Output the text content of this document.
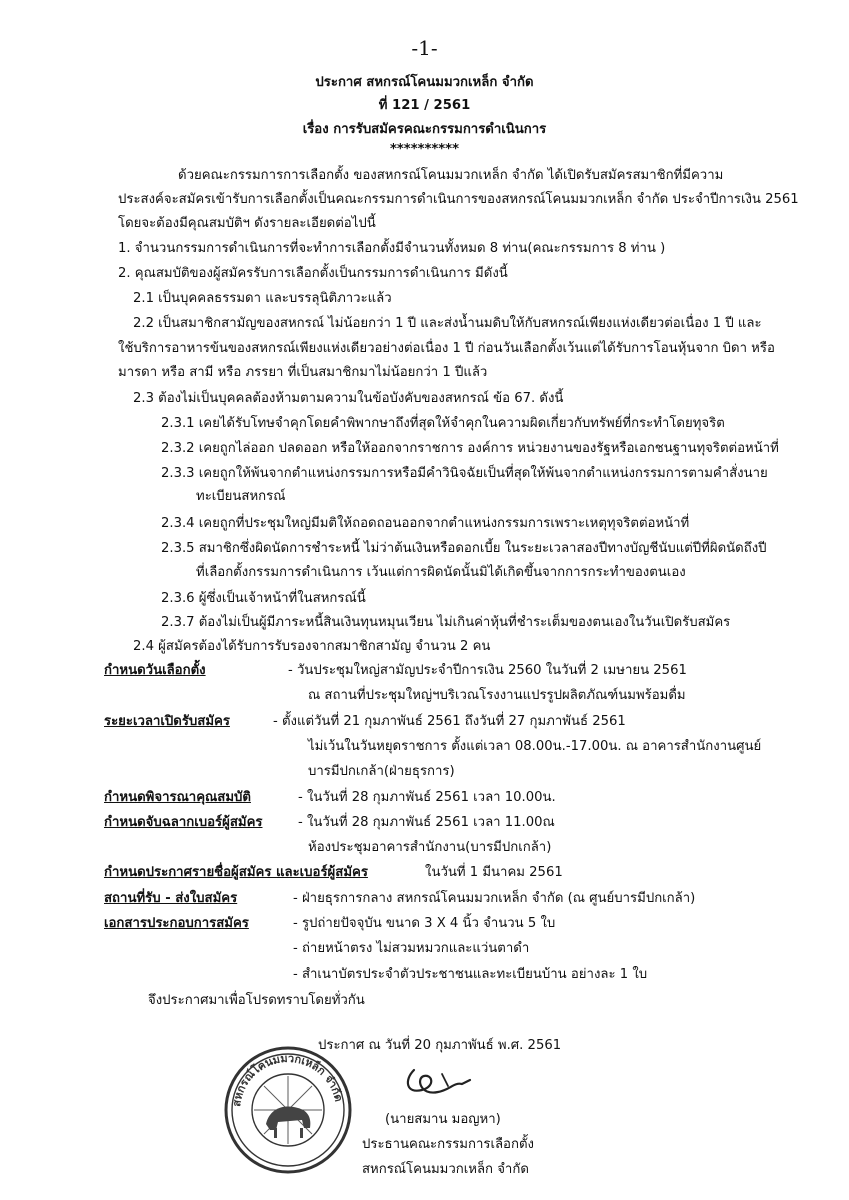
-1-
ประกาศ สหกรณ์โคนมมวกเหล็ก จำกัด
ที่ 121 / 2561
เรื่อง การรับสมัครคณะกรรมการดำเนินการ
**********
ด้วยคณะกรรมการการเลือกตั้ง ของสหกรณ์โคนมมวกเหล็ก จำกัด ได้เปิดรับสมัครสมาชิกที่มีความ
ประสงค์จะสมัครเข้ารับการเลือกตั้งเป็นคณะกรรมการดำเนินการของสหกรณ์โคนมมวกเหล็ก จำกัด ประจำปีการเงิน 2561
โดยจะต้องมีคุณสมบัติฯ ดังรายละเอียดต่อไปนี้
1. จำนวนกรรมการดำเนินการที่จะทำการเลือกตั้งมีจำนวนทั้งหมด 8 ท่าน(คณะกรรมการ 8 ท่าน )
2. คุณสมบัติของผู้สมัครรับการเลือกตั้งเป็นกรรมการดำเนินการ มีดังนี้
2.1 เป็นบุคคลธรรมดา และบรรลุนิติภาวะแล้ว
2.2 เป็นสมาชิกสามัญของสหกรณ์ ไม่น้อยกว่า 1 ปี และส่งน้ำนมดิบให้กับสหกรณ์เพียงแห่งเดียวต่อเนื่อง 1 ปี และ
ใช้บริการอาหารข้นของสหกรณ์เพียงแห่งเดียวอย่างต่อเนื่อง 1 ปี ก่อนวันเลือกตั้งเว้นแต่ได้รับการโอนหุ้นจาก บิดา หรือ
มารดา หรือ สามี หรือ ภรรยา ที่เป็นสมาชิกมาไม่น้อยกว่า 1 ปีแล้ว
2.3 ต้องไม่เป็นบุคคลต้องห้ามตามความในข้อบังคับของสหกรณ์ ข้อ 67. ดังนี้
2.3.1 เคยได้รับโทษจำคุกโดยคำพิพากษาถึงที่สุดให้จำคุกในความผิดเกี่ยวกับทรัพย์ที่กระทำโดยทุจริต
2.3.2 เคยถูกไล่ออก ปลดออก หรือให้ออกจากราชการ องค์การ หน่วยงานของรัฐหรือเอกชนฐานทุจริตต่อหน้าที่
2.3.3 เคยถูกให้พ้นจากตำแหน่งกรรมการหรือมีคำวินิจฉัยเป็นที่สุดให้พ้นจากตำแหน่งกรรมการตามคำสั่งนาย
ทะเบียนสหกรณ์
2.3.4 เคยถูกที่ประชุมใหญ่มีมติให้ถอดถอนออกจากตำแหน่งกรรมการเพราะเหตุทุจริตต่อหน้าที่
2.3.5 สมาชิกซึ่งผิดนัดการชำระหนี้ ไม่ว่าต้นเงินหรือดอกเบี้ย ในระยะเวลาสองปีทางบัญชีนับแต่ปีที่ผิดนัดถึงปี
ที่เลือกตั้งกรรมการดำเนินการ เว้นแต่การผิดนัดนั้นมิได้เกิดขึ้นจากการกระทำของตนเอง
2.3.6 ผู้ซึ่งเป็นเจ้าหน้าที่ในสหกรณ์นี้
2.3.7 ต้องไม่เป็นผู้มีภาระหนี้สินเงินทุนหมุนเวียน ไม่เกินค่าหุ้นที่ชำระเต็มของตนเองในวันเปิดรับสมัคร
2.4 ผู้สมัครต้องได้รับการรับรองจากสมาชิกสามัญ จำนวน 2 คน
กำหนดวันเลือกตั้ง	- วันประชุมใหญ่สามัญประจำปีการเงิน 2560 ในวันที่ 2 เมษายน 2561
ณ สถานที่ประชุมใหญ่ฯบริเวณโรงงานแปรรูปผลิตภัณฑ์นมพร้อมดื่ม
ระยะเวลาเปิดรับสมัคร	- ตั้งแต่วันที่ 21 กุมภาพันธ์ 2561 ถึงวันที่ 27 กุมภาพันธ์ 2561
ไม่เว้นในวันหยุดราชการ ตั้งแต่เวลา 08.00น.-17.00น. ณ อาคารสำนักงานศูนย์
บารมีปกเกล้า(ฝ่ายธุรการ)
กำหนดพิจารณาคุณสมบัติ	- ในวันที่ 28 กุมภาพันธ์ 2561 เวลา 10.00น.
กำหนดจับฉลากเบอร์ผู้สมัคร	- ในวันที่ 28 กุมภาพันธ์ 2561 เวลา 11.00ณ
ห้องประชุมอาคารสำนักงาน(บารมีปกเกล้า)
กำหนดประกาศรายชื่อผู้สมัคร และเบอร์ผู้สมัคร	ในวันที่ 1 มีนาคม 2561
สถานที่รับ - ส่งใบสมัคร	- ฝ่ายธุรการกลาง สหกรณ์โคนมมวกเหล็ก จำกัด (ณ ศูนย์บารมีปกเกล้า)
เอกสารประกอบการสมัคร	- รูปถ่ายปัจจุบัน ขนาด 3 X 4 นิ้ว จำนวน 5 ใบ
- ถ่ายหน้าตรง ไม่สวมหมวกและแว่นตาดำ
- สำเนาบัตรประจำตัวประชาชนและทะเบียนบ้าน อย่างละ 1 ใบ
จึงประกาศมาเพื่อโปรดทราบโดยทั่วกัน
ประกาศ ณ วันที่ 20 กุมภาพันธ์ พ.ศ. 2561
(นายสมาน มอญหา)
ประธานคณะกรรมการเลือกตั้ง
สหกรณ์โคนมมวกเหล็ก จำกัด
สหกรณ์โคนมมวกเหล็ก จำกัด
